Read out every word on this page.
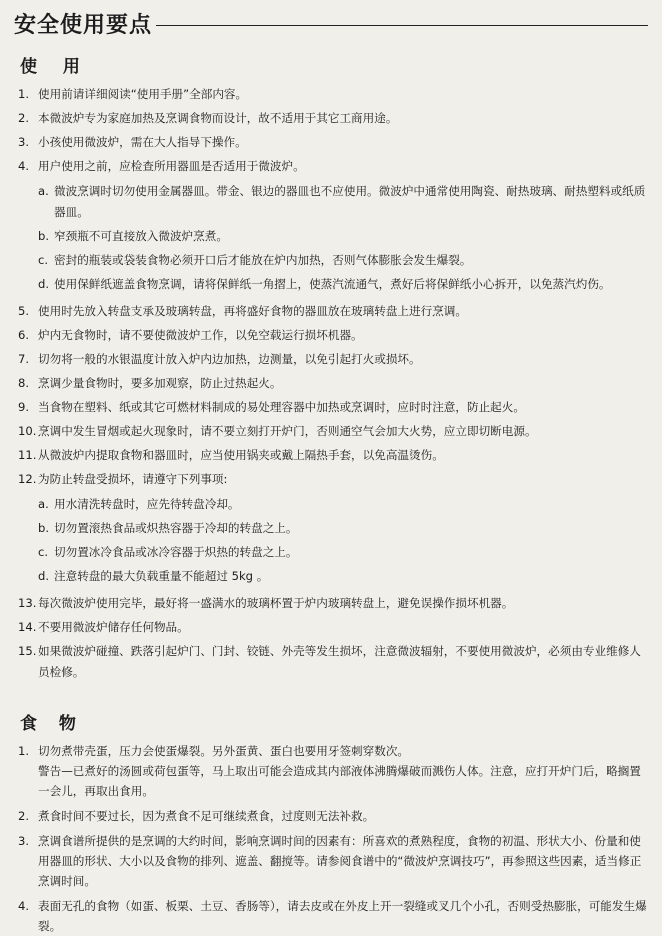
安全使用要点
使 用
1. 使用前请详细阅读“使用手册”全部内容。
2. 本微波炉专为家庭加热及烹调食物而设计，故不适用于其它工商用途。
3. 小孩使用微波炉，需在大人指导下操作。
4. 用户使用之前，应检查所用器皿是否适用于微波炉。
a. 微波烹调时切勿使用金属器皿。带金、银边的器皿也不应使用。微波炉中通常使用陶瓷、耐热玻璃、耐热塑料或纸质器皿。
b. 窄颈瓶不可直接放入微波炉烹煮。
c. 密封的瓶装或袋装食物必须开口后才能放在炉内加热，否则气体膨胀会发生爆裂。
d. 使用保鲜纸遮盖食物烹调，请将保鲜纸一角摺上，使蒸汽流通气，煮好后将保鲜纸小心拆开，以免蒸汽灼伤。
5. 使用时先放入转盘支承及玻璃转盘，再将盛好食物的器皿放在玻璃转盘上进行烹调。
6. 炉内无食物时，请不要使微波炉工作，以免空载运行损坏机器。
7. 切勿将一般的水银温度计放入炉内边加热，边测量，以免引起打火或损坏。
8. 烹调少量食物时，要多加观察，防止过热起火。
9. 当食物在塑料、纸或其它可燃材料制成的易处理容器中加热或烹调时，应时时注意，防止起火。
10. 烹调中发生冒烟或起火现象时，请不要立刻打开炉门，否则通空气会加大火势，应立即切断电源。
11. 从微波炉内提取食物和器皿时，应当使用锅夹或戴上隔热手套，以免高温烫伤。
12. 为防止转盘受损坏，请遵守下列事项:
a. 用水清洗转盘时，应先待转盘冷却。
b. 切勿置滚热食品或炽热容器于冷却的转盘之上。
c. 切勿置冰冷食品或冰冷容器于炽热的转盘之上。
d. 注意转盘的最大负载重量不能超过 5kg 。
13. 每次微波炉使用完毕，最好将一盛满水的玻璃杯置于炉内玻璃转盘上，避免误操作损坏机器。
14. 不要用微波炉储存任何物品。
15. 如果微波炉碰撞、跌落引起炉门、门封、铰链、外壳等发生损坏，注意微波辐射，不要使用微波炉，必须由专业维修人员检修。
食 物
1. 切勿煮带壳蛋，压力会使蛋爆裂。另外蛋黄、蛋白也要用牙签刺穿数次。
警告—已煮好的汤圆或荷包蛋等，马上取出可能会造成其内部液体沸腾爆破而溅伤人体。注意，应打开炉门后，略搁置一会儿，再取出食用。
2. 煮食时间不要过长，因为煮食不足可继续煮食，过度则无法补救。
3. 烹调食谱所提供的是烹调的大约时间，影响烹调时间的因素有：所喜欢的煮熟程度，食物的初温、形状大小、份量和使用器皿的形状、大小以及食物的排列、遮盖、翻搅等。请参阅食谱中的“微波炉烹调技巧”，再参照这些因素，适当修正烹调时间。
4. 表面无孔的食物（如蛋、板栗、土豆、香肠等），请去皮或在外皮上开一裂缝或叉几个小孔，否则受热膨胀，可能发生爆裂。
